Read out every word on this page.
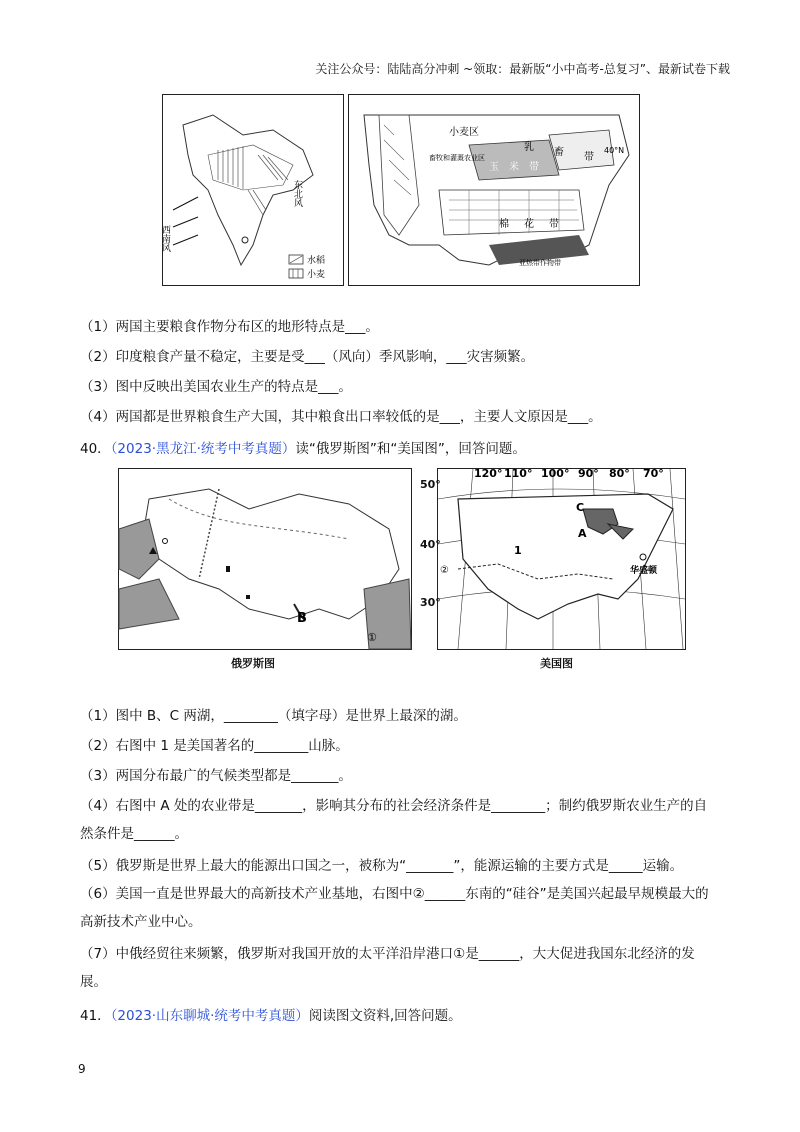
关注公众号：陆陆高分冲刺 ~领取：最新版“小中高考-总复习”、最新试卷下载
西南风
东北风
水稻
小麦
小麦区
乳 畜 带
玉 米 带
棉 花 带
畜牧和灌溉农业区
亚热带作物带
40°N
（1）两国主要粮食作物分布区的地形特点是___。
（2）印度粮食产量不稳定，主要是受___（风向）季风影响，___灾害频繁。
（3）图中反映出美国农业生产的特点是___。
（4）两国都是世界粮食生产大国，其中粮食出口率较低的是___，主要人文原因是___。
40．（2023·黑龙江·统考中考真题）读“俄罗斯图”和“美国图”，回答问题。
B
①
俄罗斯图
120° 110° 100° 90° 80° 70°
C
A
1
②	华盛顿
50°
40°
30°
美国图
（1）图中 B、C 两湖，________（填字母）是世界上最深的湖。
（2）右图中 1 是美国著名的________山脉。
（3）两国分布最广的气候类型都是_______。
（4）右图中 A 处的农业带是_______，影响其分布的社会经济条件是________；制约俄罗斯农业生产的自然条件是______。
（5）俄罗斯是世界上最大的能源出口国之一，被称为“_______”，能源运输的主要方式是_____运输。
（6）美国一直是世界最大的高新技术产业基地，右图中②______东南的“硅谷”是美国兴起最早规模最大的高新技术产业中心。
（7）中俄经贸往来频繁，俄罗斯对我国开放的太平洋沿岸港口①是______，大大促进我国东北经济的发展。
41．（2023·山东聊城·统考中考真题）阅读图文资料,回答问题。
9
